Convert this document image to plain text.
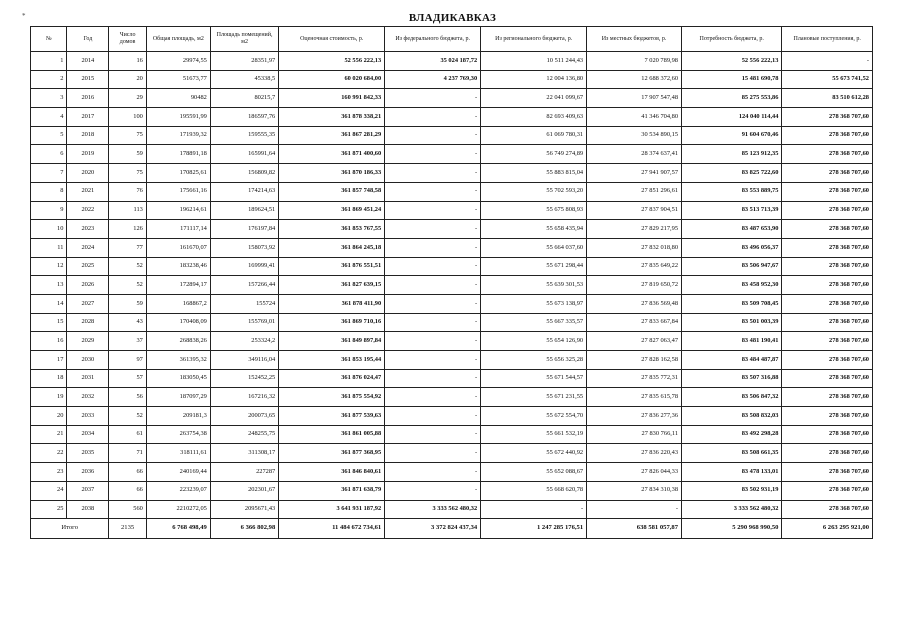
*	ВЛАДИКАВКАЗ
№	Год	Число домов	Общая площадь, м2	Площадь помещений, м2	Оценочная стоимость, р.	Из федерального бюджета, р.	Из регионального бюджета, р.	Из местных бюджетов, р.	Потребность бюджета, р.	Плановые поступления, р.
1	2014	16	29974,55	28351,97	52 556 222,13	35 024 187,72	10 511 244,43	7 020 789,98	52 556 222,13	-
2	2015	20	51673,77	45338,5	60 020 684,00	4 237 769,30	12 004 136,80	12 688 372,60	15 481 690,78	55 673 741,52
3	2016	29	90482	80215,7	160 991 842,33	-	22 041 099,67	17 907 547,48	85 275 553,86	83 510 612,28
4	2017	100	195591,99	186597,76	361 878 338,21	-	82 693 409,63	41 346 704,80	124 040 114,44	278 368 707,60
5	2018	75	171939,32	159555,35	361 867 281,29	-	61 069 780,31	30 534 890,15	91 604 670,46	278 368 707,60
6	2019	59	178891,18	165991,64	361 871 400,60	-	56 749 274,89	28 374 637,41	85 123 912,35	278 368 707,60
7	2020	75	170825,61	156809,82	361 870 186,33	-	55 883 815,04	27 941 907,57	83 825 722,60	278 368 707,60
8	2021	76	175661,16	174214,63	361 857 748,58	-	55 702 593,20	27 851 296,61	83 553 889,75	278 368 707,60
9	2022	113	196214,61	189624,51	361 869 451,24	-	55 675 808,93	27 837 904,51	83 513 713,39	278 368 707,60
10	2023	126	171117,14	176197,84	361 853 767,55	-	55 658 435,94	27 829 217,95	83 487 653,90	278 368 707,60
11	2024	77	161670,07	158073,92	361 864 245,18	-	55 664 037,60	27 832 018,80	83 496 056,37	278 368 707,60
12	2025	52	183238,46	169999,41	361 876 551,51	-	55 671 298,44	27 835 649,22	83 506 947,67	278 368 707,60
13	2026	52	172894,17	157266,44	361 827 639,15	-	55 639 301,53	27 819 650,72	83 458 952,30	278 368 707,60
14	2027	59	168867,2	155724	361 878 411,90	-	55 673 138,97	27 836 569,48	83 509 708,45	278 368 707,60
15	2028	43	170408,09	155769,01	361 869 710,16	-	55 667 335,57	27 833 667,84	83 501 003,39	278 368 707,60
16	2029	37	268838,26	253324,2	361 849 897,84	-	55 654 126,90	27 827 063,47	83 481 190,41	278 368 707,60
17	2030	97	361395,32	349116,04	361 853 195,44	-	55 656 325,28	27 828 162,58	83 484 487,87	278 368 707,60
18	2031	57	183050,45	152452,25	361 876 024,47	-	55 671 544,57	27 835 772,31	83 507 316,88	278 368 707,60
19	2032	56	187097,29	167216,32	361 875 554,92	-	55 671 231,55	27 835 615,78	83 506 847,32	278 368 707,60
20	2033	52	209181,3	200073,65	361 877 539,63	-	55 672 554,70	27 836 277,36	83 508 832,03	278 368 707,60
21	2034	61	263754,38	248255,75	361 861 005,88	-	55 661 532,19	27 830 766,11	83 492 298,28	278 368 707,60
22	2035	71	318111,61	311308,17	361 877 368,95	-	55 672 440,92	27 836 220,43	83 508 661,35	278 368 707,60
23	2036	66	240169,44	227287	361 846 840,61	-	55 652 088,67	27 826 044,33	83 478 133,01	278 368 707,60
24	2037	66	223239,07	202301,67	361 871 638,79	-	55 668 620,78	27 834 310,38	83 502 931,19	278 368 707,60
25	2038	560	2210272,05	2095671,43	3 641 931 187,92	3 333 562 480,32	-	-	3 333 562 480,32	278 368 707,60
Итого		2135	6 768 498,49	6 366 802,98	11 484 672 734,61	3 372 824 437,34	1 247 285 176,51	638 581 057,87	5 290 968 990,50	6 263 295 921,00
